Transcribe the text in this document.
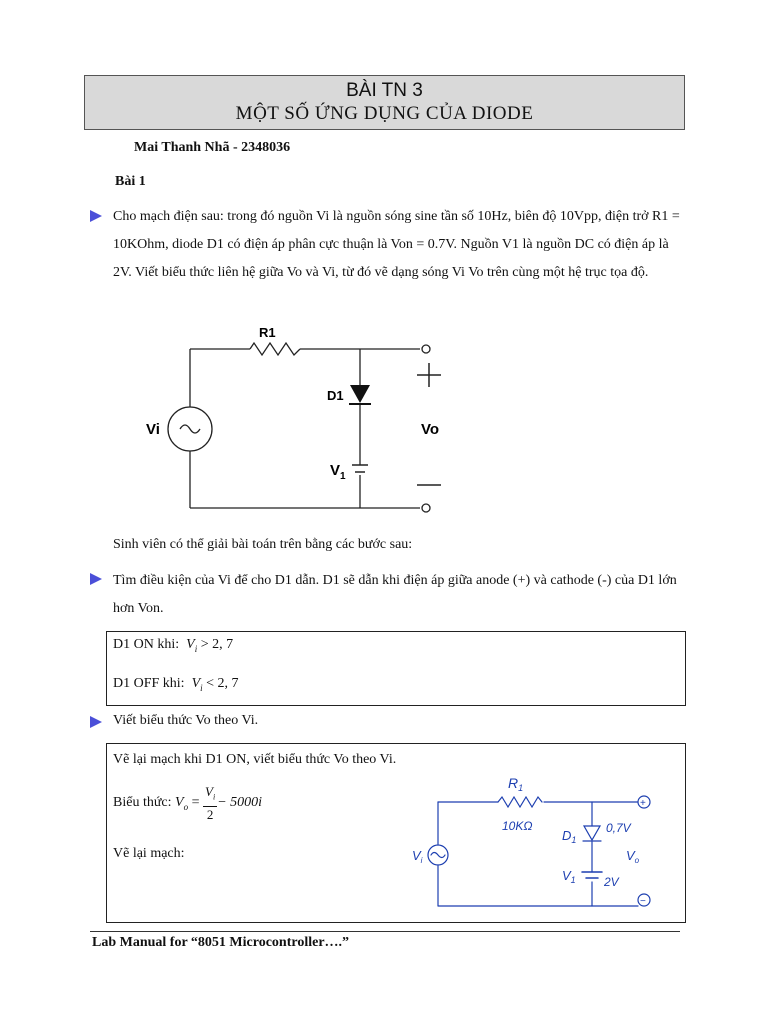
BÀI TN 3
MỘT SỐ ỨNG DỤNG CỦA DIODE
Mai Thanh Nhã - 2348036
Bài 1
Cho mạch điện sau: trong đó nguồn Vi là nguồn sóng sine tần số 10Hz, biên độ 10Vpp, điện trở R1 = 10KOhm, diode D1 có điện áp phân cực thuận là Von = 0.7V. Nguồn V1 là nguồn DC có điện áp là 2V. Viết biểu thức liên hệ giữa Vo và Vi, từ đó vẽ dạng sóng Vi Vo trên cùng một hệ trục tọa độ.
R1
D1
Vi	Vo
$V_1$
Sinh viên có thể giải bài toán trên bằng các bước sau:
Tìm điều kiện của Vi để cho D1 dẫn. D1 sẽ dẫn khi điện áp giữa anode (+) và cathode (-) của D1 lớn hơn Von.
D1 ON khi: $V_i > 2$, 7
D1 OFF khi: $V_i < 2$, 7
Viết biểu thức Vo theo Vi.
Vẽ lại mạch khi D1 ON, viết biểu thức Vo theo Vi.
Biểu thức:
$V_o = \frac{V_i}{2} - 5000i$
Vẽ lại mạch:
$R_1$
10KΩ
$D_1$
0,7V
$V_1$ 2V
$V_i$	$V_o$
+
−
Lab Manual for “8051 Microcontroller….”
